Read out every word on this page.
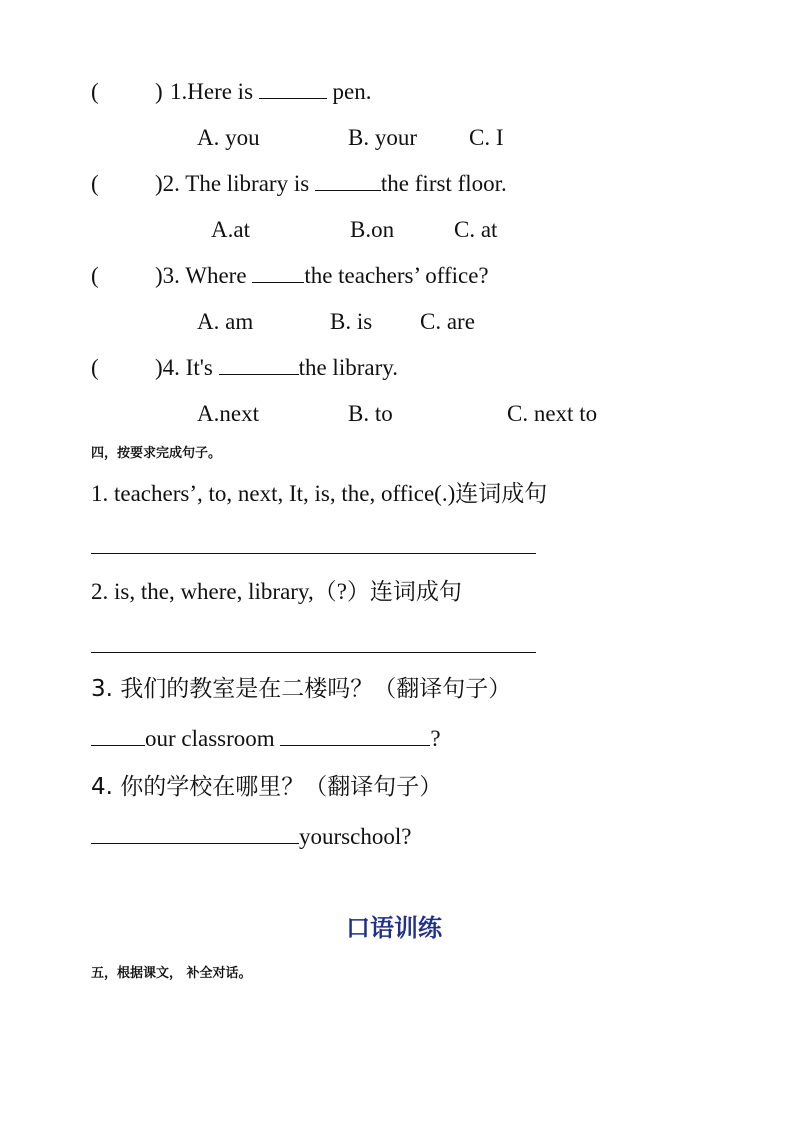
( ) 1.Here is	pen.
A. you	B. your C. I
( )2. The library is	the first floor.
A.at	B.on	C. at
( )3. Where	the teachers’ office?
A. am	B. is C. are
( )4. It's	the library.
A.next	B. to	C. next to
四，按要求完成句子。
1. teachers’, to, next, It, is, the, office(.)连词成句
2. is, the, where, library,（?）连词成句
3. 我们的教室是在二楼吗？（翻译句子）
our classroom	?
4. 你的学校在哪里？（翻译句子）
yourschool?
口语训练
五，根据课文， 补全对话。
